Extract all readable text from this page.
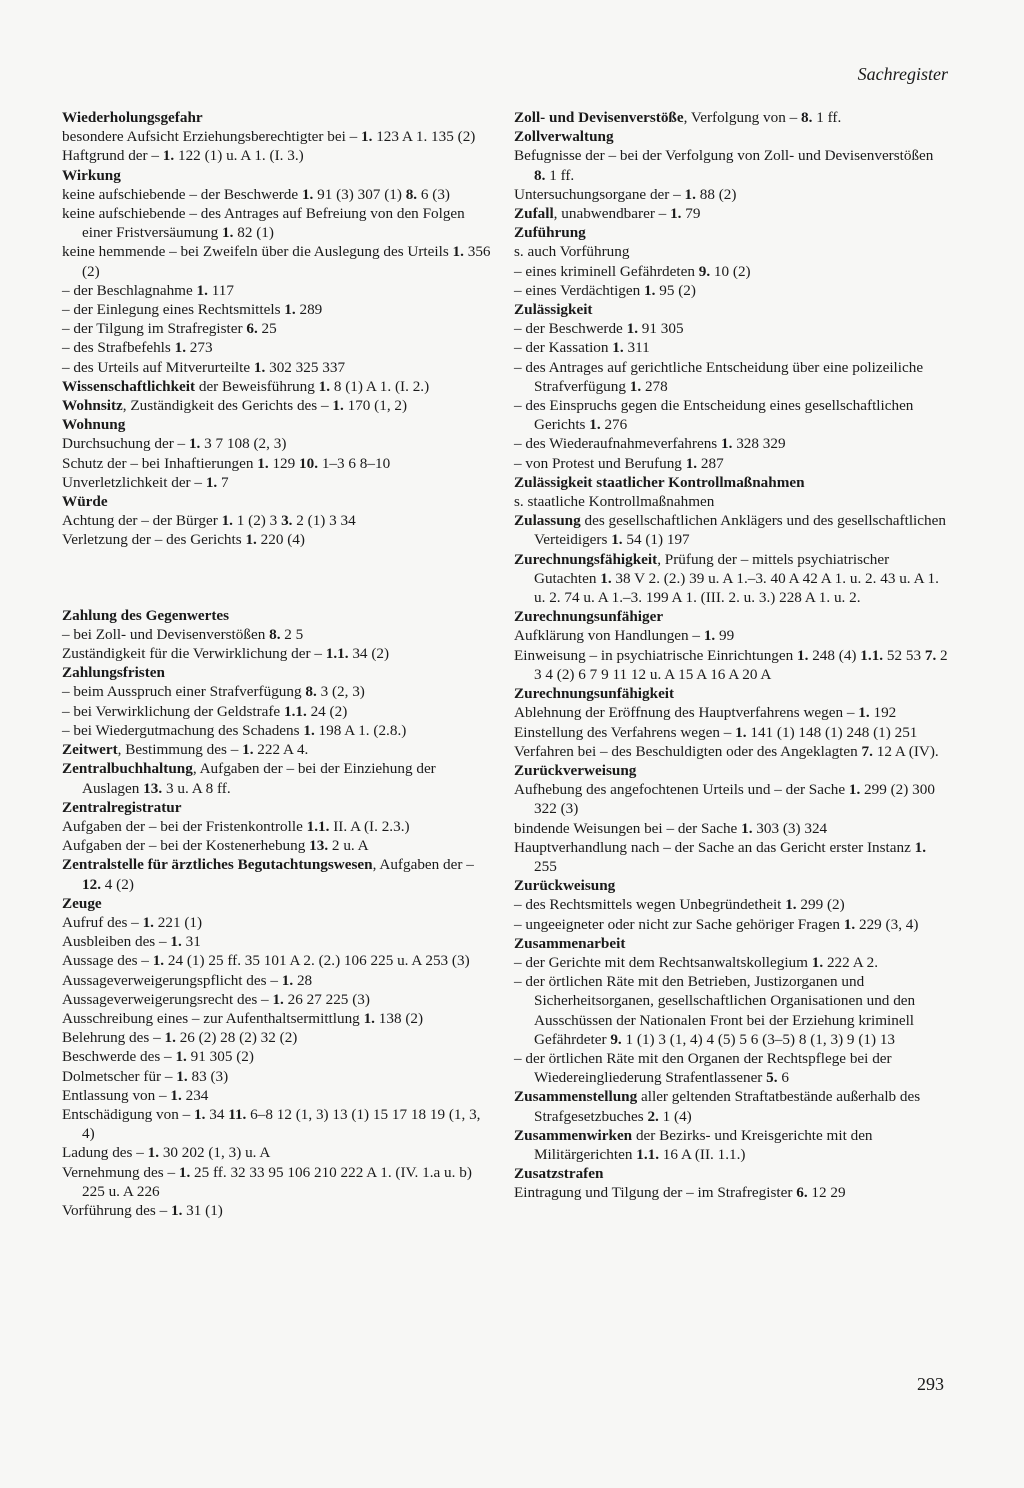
Sachregister
Wiederholungsgefahr
besondere Aufsicht Erziehungsberechtigter bei – 1. 123 A 1. 135 (2)
Haftgrund der – 1. 122 (1) u. A 1. (I. 3.)
Wirkung
keine aufschiebende – der Beschwerde 1. 91 (3) 307 (1) 8. 6 (3)
keine aufschiebende – des Antrages auf Befreiung von den Folgen einer Fristversäumung 1. 82 (1)
keine hemmende – bei Zweifeln über die Auslegung des Urteils 1. 356 (2)
– der Beschlagnahme 1. 117
– der Einlegung eines Rechtsmittels 1. 289
– der Tilgung im Strafregister 6. 25
– des Strafbefehls 1. 273
– des Urteils auf Mitverurteilte 1. 302 325 337
Wissenschaftlichkeit der Beweisführung 1. 8 (1) A 1. (I. 2.)
Wohnsitz, Zuständigkeit des Gerichts des – 1. 170 (1, 2)
Wohnung
Durchsuchung der – 1. 3 7 108 (2, 3)
Schutz der – bei Inhaftierungen 1. 129 10. 1–3 6 8–10
Unverletzlichkeit der – 1. 7
Würde
Achtung der – der Bürger 1. 1 (2) 3 3. 2 (1) 3 34
Verletzung der – des Gerichts 1. 220 (4)
Zahlung des Gegenwertes
– bei Zoll- und Devisenverstößen 8. 2 5
Zuständigkeit für die Verwirklichung der – 1.1. 34 (2)
Zahlungsfristen
– beim Ausspruch einer Strafverfügung 8. 3 (2, 3)
– bei Verwirklichung der Geldstrafe 1.1. 24 (2)
– bei Wiedergutmachung des Schadens 1. 198 A 1. (2.8.)
Zeitwert, Bestimmung des – 1. 222 A 4.
Zentralbuchhaltung, Aufgaben der – bei der Einziehung der Auslagen 13. 3 u. A 8 ff.
Zentralregistratur
Aufgaben der – bei der Fristenkontrolle 1.1. II. A (I. 2.3.)
Aufgaben der – bei der Kostenerhebung 13. 2 u. A
Zentralstelle für ärztliches Begutachtungswesen, Aufgaben der – 12. 4 (2)
Zeuge
Aufruf des – 1. 221 (1)
Ausbleiben des – 1. 31
Aussage des – 1. 24 (1) 25 ff. 35 101 A 2. (2.) 106 225 u. A 253 (3)
Aussageverweigerungspflicht des – 1. 28
Aussageverweigerungsrecht des – 1. 26 27 225 (3)
Ausschreibung eines – zur Aufenthaltsermittlung 1. 138 (2)
Belehrung des – 1. 26 (2) 28 (2) 32 (2)
Beschwerde des – 1. 91 305 (2)
Dolmetscher für – 1. 83 (3)
Entlassung von – 1. 234
Entschädigung von – 1. 34 11. 6–8 12 (1, 3) 13 (1) 15 17 18 19 (1, 3, 4)
Ladung des – 1. 30 202 (1, 3) u. A
Vernehmung des – 1. 25 ff. 32 33 95 106 210 222 A 1. (IV. 1.a u. b) 225 u. A 226
Vorführung des – 1. 31 (1)
Zoll- und Devisenverstöße, Verfolgung von – 8. 1 ff.
Zollverwaltung
Befugnisse der – bei der Verfolgung von Zoll- und Devisenverstößen 8. 1 ff.
Untersuchungsorgane der – 1. 88 (2)
Zufall, unabwendbarer – 1. 79
Zuführung
s. auch Vorführung
– eines kriminell Gefährdeten 9. 10 (2)
– eines Verdächtigen 1. 95 (2)
Zulässigkeit
– der Beschwerde 1. 91 305
– der Kassation 1. 311
– des Antrages auf gerichtliche Entscheidung über eine polizeiliche Strafverfügung 1. 278
– des Einspruchs gegen die Entscheidung eines gesellschaftlichen Gerichts 1. 276
– des Wiederaufnahmeverfahrens 1. 328 329
– von Protest und Berufung 1. 287
Zulässigkeit staatlicher Kontrollmaßnahmen
s. staatliche Kontrollmaßnahmen
Zulassung des gesellschaftlichen Anklägers und des gesellschaftlichen Verteidigers 1. 54 (1) 197
Zurechnungsfähigkeit, Prüfung der – mittels psychiatrischer Gutachten 1. 38 V 2. (2.) 39 u. A 1.–3. 40 A 42 A 1. u. 2. 43 u. A 1. u. 2. 74 u. A 1.–3. 199 A 1. (III. 2. u. 3.) 228 A 1. u. 2.
Zurechnungsunfähiger
Aufklärung von Handlungen – 1. 99
Einweisung – in psychiatrische Einrichtungen 1. 248 (4) 1.1. 52 53 7. 2 3 4 (2) 6 7 9 11 12 u. A 15 A 16 A 20 A
Zurechnungsunfähigkeit
Ablehnung der Eröffnung des Hauptverfahrens wegen – 1. 192
Einstellung des Verfahrens wegen – 1. 141 (1) 148 (1) 248 (1) 251
Verfahren bei – des Beschuldigten oder des Angeklagten 7. 12 A (IV).
Zurückverweisung
Aufhebung des angefochtenen Urteils und – der Sache 1. 299 (2) 300 322 (3)
bindende Weisungen bei – der Sache 1. 303 (3) 324
Hauptverhandlung nach – der Sache an das Gericht erster Instanz 1. 255
Zurückweisung
– des Rechtsmittels wegen Unbegründetheit 1. 299 (2)
– ungeeigneter oder nicht zur Sache gehöriger Fragen 1. 229 (3, 4)
Zusammenarbeit
– der Gerichte mit dem Rechtsanwaltskollegium 1. 222 A 2.
– der örtlichen Räte mit den Betrieben, Justizorganen und Sicherheitsorganen, gesellschaftlichen Organisationen und den Ausschüssen der Nationalen Front bei der Erziehung kriminell Gefährdeter 9. 1 (1) 3 (1, 4) 4 (5) 5 6 (3–5) 8 (1, 3) 9 (1) 13
– der örtlichen Räte mit den Organen der Rechtspflege bei der Wiedereingliederung Strafentlassener 5. 6
Zusammenstellung aller geltenden Straftatbestände außerhalb des Strafgesetzbuches 2. 1 (4)
Zusammenwirken der Bezirks- und Kreisgerichte mit den Militärgerichten 1.1. 16 A (II. 1.1.)
Zusatzstrafen
Eintragung und Tilgung der – im Strafregister 6. 12 29
293
